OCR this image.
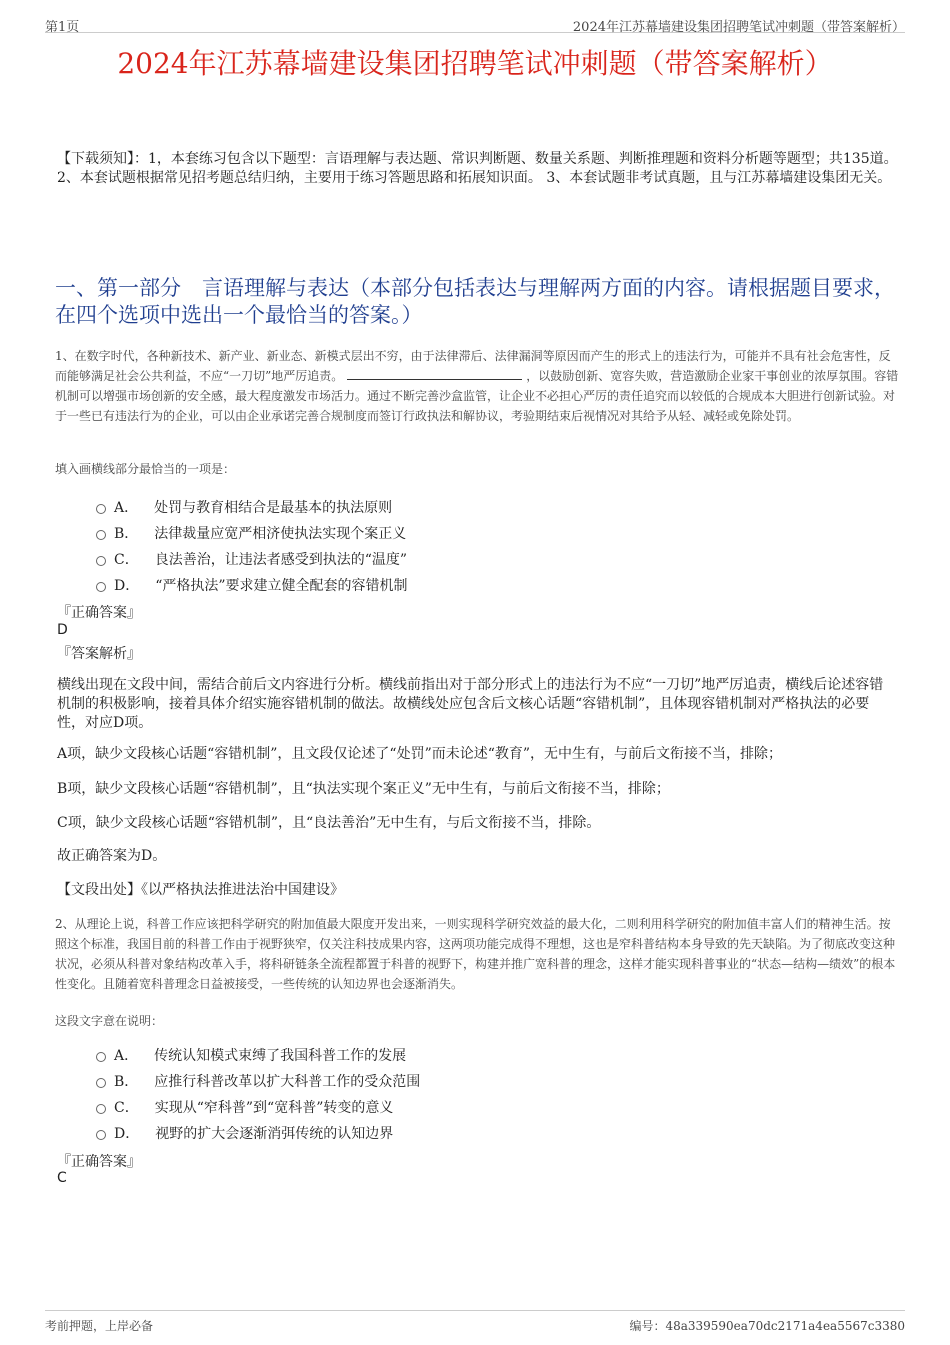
第1页	2024年江苏幕墙建设集团招聘笔试冲刺题（带答案解析）
2024年江苏幕墙建设集团招聘笔试冲刺题（带答案解析）
【下载须知】：1，本套练习包含以下题型：言语理解与表达题、常识判断题、数量关系题、判断推理题和资料分析题等题型；共135道。 2、本套试题根据常见招考题总结归纳，主要用于练习答题思路和拓展知识面。 3、本套试题非考试真题，且与江苏幕墙建设集团无关。
一、第一部分　言语理解与表达（本部分包括表达与理解两方面的内容。请根据题目要求，在四个选项中选出一个最恰当的答案。）
1、在数字时代，各种新技术、新产业、新业态、新模式层出不穷，由于法律滞后、法律漏洞等原因而产生的形式上的违法行为，可能并不具有社会危害性，反而能够满足社会公共利益，不应“一刀切”地严厉追责。	，以鼓励创新、宽容失败，营造激励企业家干事创业的浓厚氛围。容错机制可以增强市场创新的安全感，最大程度激发市场活力。通过不断完善沙盒监管，让企业不必担心严厉的责任追究而以较低的合规成本大胆进行创新试验。对于一些已有违法行为的企业，可以由企业承诺完善合规制度而签订行政执法和解协议，考验期结束后视情况对其给予从轻、减轻或免除处罚。
填入画横线部分最恰当的一项是：
A． 处罚与教育相结合是最基本的执法原则
B． 法律裁量应宽严相济使执法实现个案正义
C． 良法善治，让违法者感受到执法的“温度”
D． “严格执法”要求建立健全配套的容错机制
『正确答案』
D
『答案解析』
横线出现在文段中间，需结合前后文内容进行分析。横线前指出对于部分形式上的违法行为不应“一刀切”地严厉追责，横线后论述容错机制的积极影响，接着具体介绍实施容错机制的做法。故横线处应包含后文核心话题“容错机制”，且体现容错机制对严格执法的必要性，对应D项。
A项，缺少文段核心话题“容错机制”，且文段仅论述了“处罚”而未论述“教育”，无中生有，与前后文衔接不当，排除；
B项，缺少文段核心话题“容错机制”，且“执法实现个案正义”无中生有，与前后文衔接不当，排除；
C项，缺少文段核心话题“容错机制”，且“良法善治”无中生有，与后文衔接不当，排除。
故正确答案为D。
【文段出处】《以严格执法推进法治中国建设》
2、从理论上说，科普工作应该把科学研究的附加值最大限度开发出来，一则实现科学研究效益的最大化，二则利用科学研究的附加值丰富人们的精神生活。按照这个标准，我国目前的科普工作由于视野狭窄，仅关注科技成果内容，这两项功能完成得不理想，这也是窄科普结构本身导致的先天缺陷。为了彻底改变这种状况，必须从科普对象结构改革入手，将科研链条全流程都置于科普的视野下，构建并推广宽科普的理念，这样才能实现科普事业的“状态—结构—绩效”的根本性变化。且随着宽科普理念日益被接受，一些传统的认知边界也会逐渐消失。
这段文字意在说明：
A． 传统认知模式束缚了我国科普工作的发展
B． 应推行科普改革以扩大科普工作的受众范围
C． 实现从“窄科普”到“宽科普”转变的意义
D． 视野的扩大会逐渐消弭传统的认知边界
『正确答案』
C
考前押题，上岸必备	编号：48a339590ea70dc2171a4ea5567c3380
